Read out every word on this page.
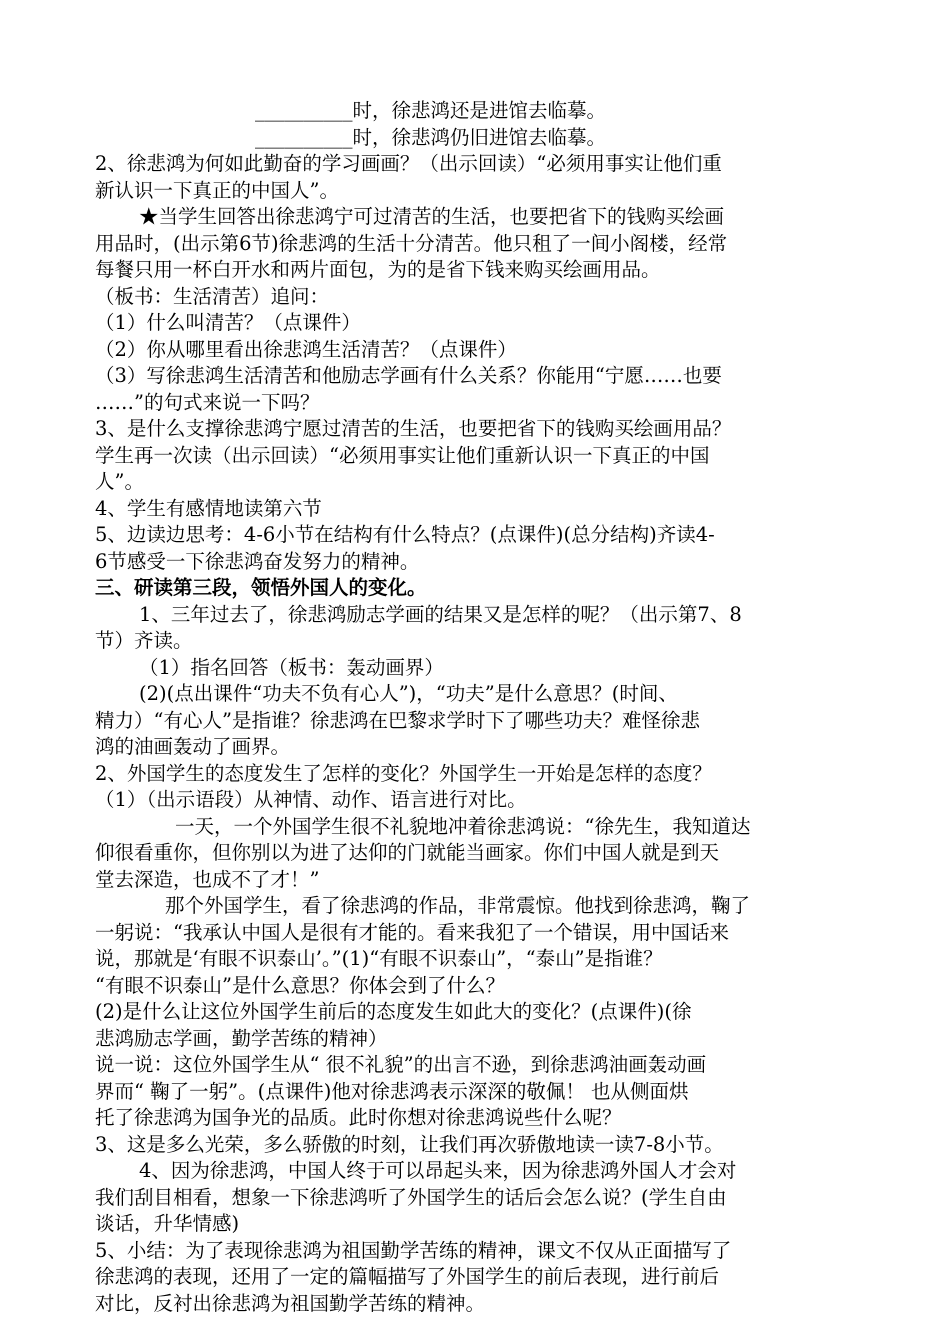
__________时，徐悲鸿还是进馆去临摹。
__________时，徐悲鸿仍旧进馆去临摹。
2、徐悲鸿为何如此勤奋的学习画画？（出示回读）“必须用事实让他们重
新认识一下真正的中国人”。
★当学生回答出徐悲鸿宁可过清苦的生活，也要把省下的钱购买绘画
用品时，(出示第6节)徐悲鸿的生活十分清苦。他只租了一间小阁楼，经常
每餐只用一杯白开水和两片面包，为的是省下钱来购买绘画用品。
（板书：生活清苦）追问：
（1）什么叫清苦？（点课件）
（2）你从哪里看出徐悲鸿生活清苦？（点课件）
（3）写徐悲鸿生活清苦和他励志学画有什么关系？你能用“宁愿……也要
……”的句式来说一下吗？
3、是什么支撑徐悲鸿宁愿过清苦的生活，也要把省下的钱购买绘画用品？
学生再一次读（出示回读）“必须用事实让他们重新认识一下真正的中国
人”。
4、学生有感情地读第六节
5、边读边思考：4-6小节在结构有什么特点？(点课件)(总分结构)齐读4-
6节感受一下徐悲鸿奋发努力的精神。
三、研读第三段，领悟外国人的变化。
1、三年过去了，徐悲鸿励志学画的结果又是怎样的呢？（出示第7、8
节）齐读。
（1）指名回答（板书：轰动画界）
(2)(点出课件“功夫不负有心人”)，“功夫”是什么意思？(时间、
精力）“有心人”是指谁？徐悲鸿在巴黎求学时下了哪些功夫？难怪徐悲
鸿的油画轰动了画界。
2、外国学生的态度发生了怎样的变化？外国学生一开始是怎样的态度？
（1）（出示语段）从神情、动作、语言进行对比。
一天，一个外国学生很不礼貌地冲着徐悲鸿说：“徐先生，我知道达
仰很看重你，但你别以为进了达仰的门就能当画家。你们中国人就是到天
堂去深造，也成不了才！”
那个外国学生，看了徐悲鸿的作品，非常震惊。他找到徐悲鸿，鞠了
一躬说：“我承认中国人是很有才能的。看来我犯了一个错误，用中国话来
说，那就是‘有眼不识泰山’。”(1)“有眼不识泰山”，“泰山”是指谁？
“有眼不识泰山”是什么意思？你体会到了什么？
(2)是什么让这位外国学生前后的态度发生如此大的变化？(点课件)(徐
悲鸿励志学画，勤学苦练的精神）
说一说：这位外国学生从“ 很不礼貌”的出言不逊，到徐悲鸿油画轰动画
界而“ 鞠了一躬”。(点课件)他对徐悲鸿表示深深的敬佩！ 也从侧面烘
托了徐悲鸿为国争光的品质。此时你想对徐悲鸿说些什么呢？
3、这是多么光荣，多么骄傲的时刻，让我们再次骄傲地读一读7-8小节。
4、因为徐悲鸿，中国人终于可以昂起头来，因为徐悲鸿外国人才会对
我们刮目相看，想象一下徐悲鸿听了外国学生的话后会怎么说？(学生自由
谈话，升华情感)
5、小结：为了表现徐悲鸿为祖国勤学苦练的精神，课文不仅从正面描写了
徐悲鸿的表现，还用了一定的篇幅描写了外国学生的前后表现，进行前后
对比，反衬出徐悲鸿为祖国勤学苦练的精神。
